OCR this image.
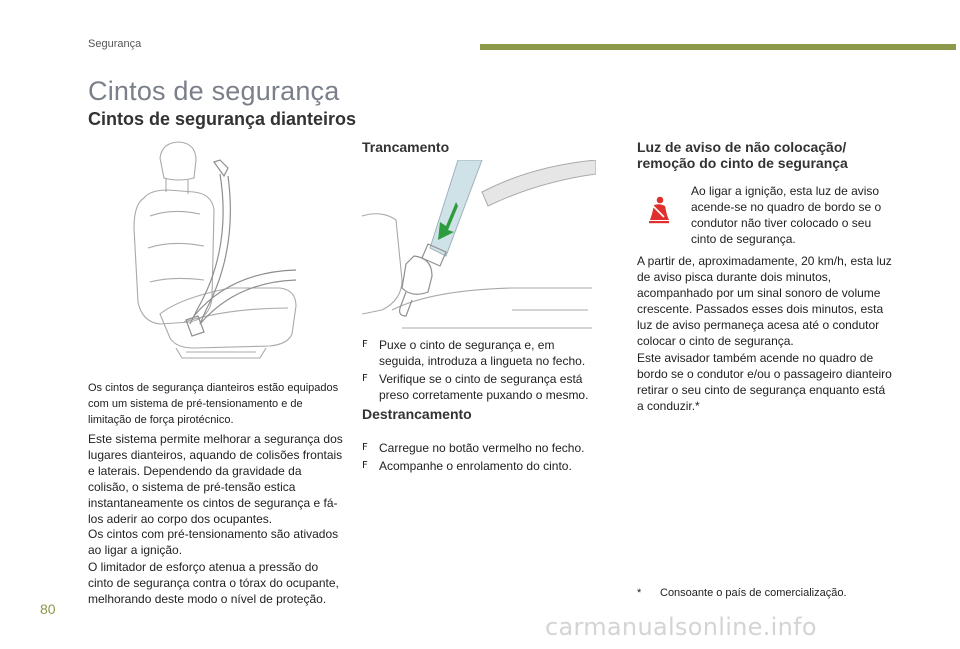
Segurança
Cintos de segurança
Cintos de segurança dianteiros
Os cintos de segurança dianteiros estão equipados com um sistema de pré-tensionamento e de limitação de força pirotécnico.
Este sistema permite melhorar a segurança dos lugares dianteiros, aquando de colisões frontais e laterais. Dependendo da gravidade da colisão, o sistema de pré-tensão estica instantaneamente os cintos de segurança e fá-los aderir ao corpo dos ocupantes.
Os cintos com pré-tensionamento são ativados ao ligar a ignição.
O limitador de esforço atenua a pressão do cinto de segurança contra o tórax do ocupante, melhorando deste modo o nível de proteção.
Trancamento
F Puxe o cinto de segurança e, em seguida, introduza a lingueta no fecho.
F Verifique se o cinto de segurança está preso corretamente puxando o mesmo.
Destrancamento
F Carregue no botão vermelho no fecho.
F Acompanhe o enrolamento do cinto.
Luz de aviso de não colocação/ remoção do cinto de segurança
Ao ligar a ignição, esta luz de aviso acende-se no quadro de bordo se o condutor não tiver colocado o seu cinto de segurança.
A partir de, aproximadamente, 20 km/h, esta luz de aviso pisca durante dois minutos, acompanhado por um sinal sonoro de volume crescente. Passados esses dois minutos, esta luz de aviso permaneça acesa até o condutor colocar o cinto de segurança.
Este avisador também acende no quadro de bordo se o condutor e/ou o passageiro dianteiro retirar o seu cinto de segurança enquanto está a conduzir.*
* Consoante o país de comercialização.
80
carmanualsonline.info
